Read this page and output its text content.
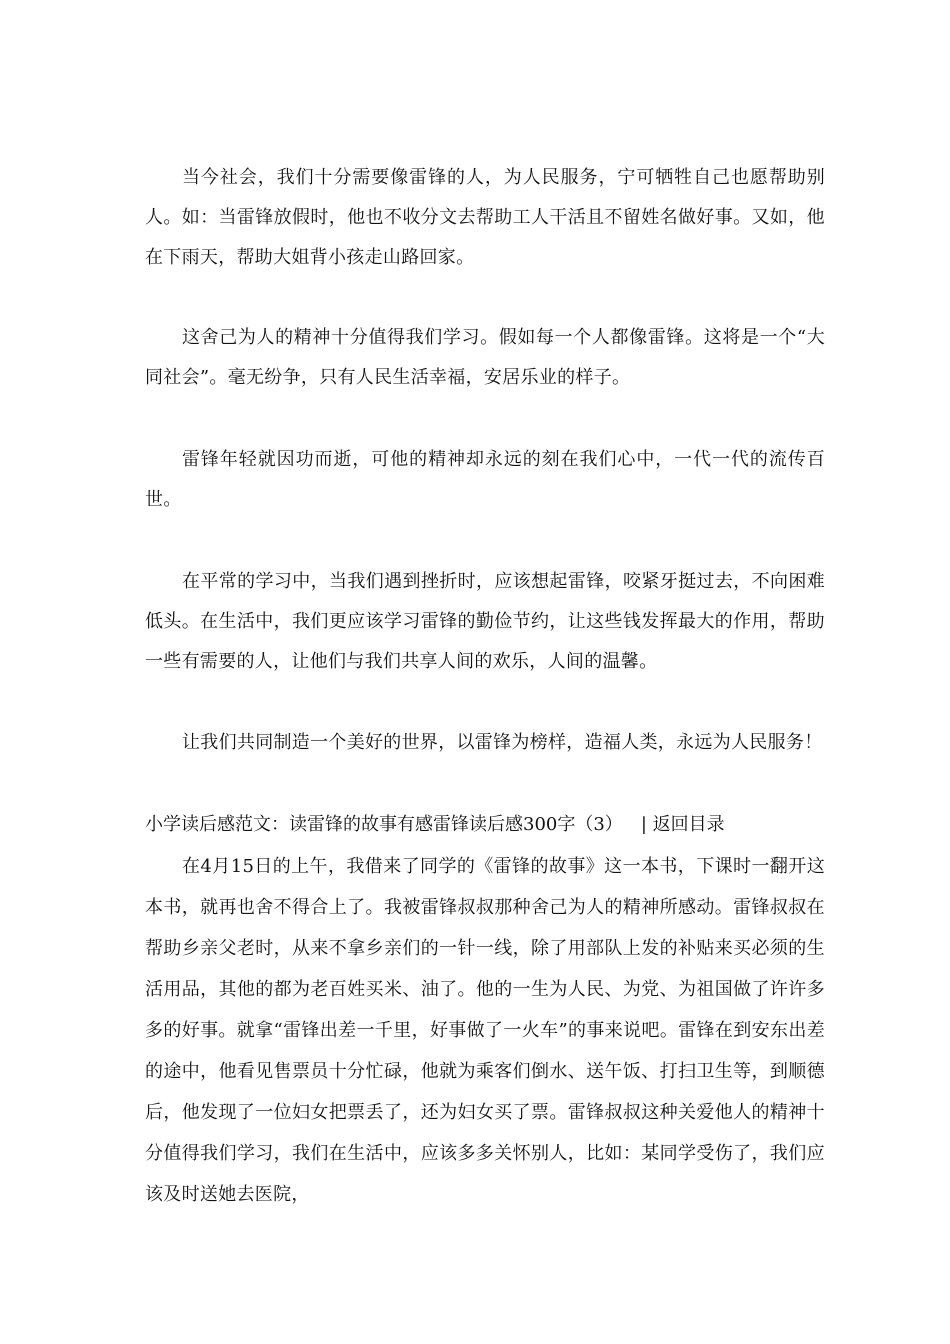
当今社会，我们十分需要像雷锋的人，为人民服务，宁可牺牲自己也愿帮助别人。如：当雷锋放假时，他也不收分文去帮助工人干活且不留姓名做好事。又如，他在下雨天，帮助大姐背小孩走山路回家。

这舍己为人的精神十分值得我们学习。假如每一个人都像雷锋。这将是一个“大同社会”。毫无纷争，只有人民生活幸福，安居乐业的样子。

雷锋年轻就因功而逝，可他的精神却永远的刻在我们心中，一代一代的流传百世。

在平常的学习中，当我们遇到挫折时，应该想起雷锋，咬紧牙挺过去，不向困难低头。在生活中，我们更应该学习雷锋的勤俭节约，让这些钱发挥最大的作用，帮助一些有需要的人，让他们与我们共享人间的欢乐，人间的温馨。

让我们共同制造一个美好的世界，以雷锋为榜样，造福人类，永远为人民服务！

小学读后感范文：读雷锋的故事有感雷锋读后感300字（3） | 返回目录

在4月15日的上午，我借来了同学的《雷锋的故事》这一本书，下课时一翻开这本书，就再也舍不得合上了。我被雷锋叔叔那种舍己为人的精神所感动。雷锋叔叔在帮助乡亲父老时，从来不拿乡亲们的一针一线，除了用部队上发的补贴来买必须的生活用品，其他的都为老百姓买米、油了。他的一生为人民、为党、为祖国做了许许多多的好事。就拿“雷锋出差一千里，好事做了一火车”的事来说吧。雷锋在到安东出差的途中，他看见售票员十分忙碌，他就为乘客们倒水、送午饭、打扫卫生等，到顺德后，他发现了一位妇女把票丢了，还为妇女买了票。雷锋叔叔这种关爱他人的精神十分值得我们学习，我们在生活中，应该多多关怀别人，比如：某同学受伤了，我们应该及时送她去医院，
